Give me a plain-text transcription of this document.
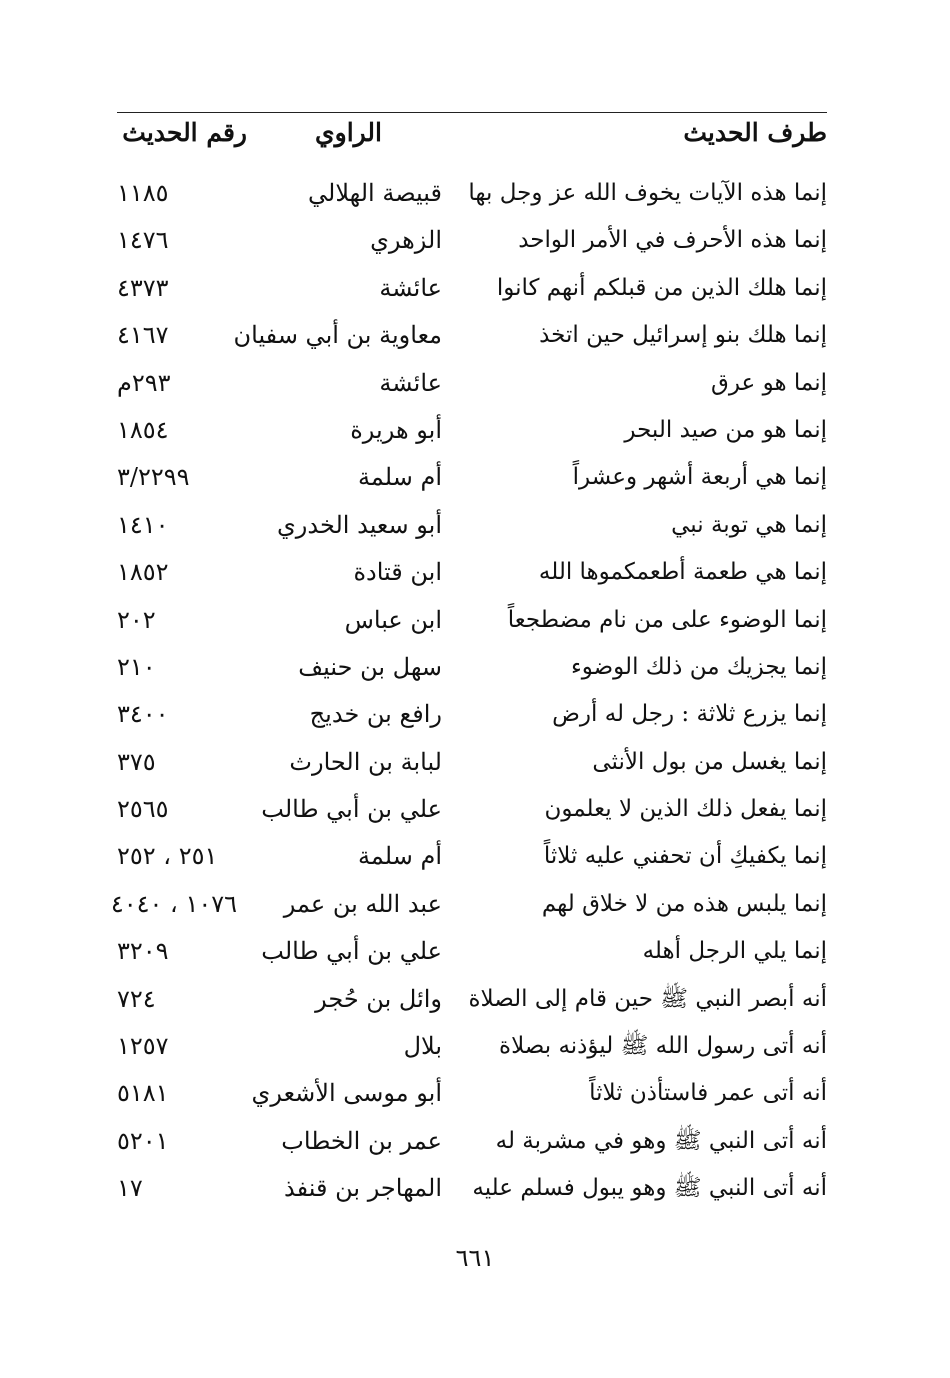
طرف الحديث
الراوي
رقم الحديث
إنما هذه الآيات يخوف الله عز وجل بها
قبيصة الهلالي
١١٨٥
إنما هذه الأحرف في الأمر الواحد
الزهري
١٤٧٦
إنما هلك الذين من قبلكم أنهم كانوا
عائشة
٤٣٧٣
إنما هلك بنو إسرائيل حين اتخذ
معاوية بن أبي سفيان
٤١٦٧
إنما هو عرق
عائشة
٢٩٣م
إنما هو من صيد البحر
أبو هريرة
١٨٥٤
إنما هي أربعة أشهر وعشراً
أم سلمة
٣/٢٢٩٩
إنما هي توبة نبي
أبو سعيد الخدري
١٤١٠
إنما هي طعمة أطعمكموها الله
ابن قتادة
١٨٥٢
إنما الوضوء على من نام مضطجعاً
ابن عباس
٢٠٢
إنما يجزيك من ذلك الوضوء
سهل بن حنيف
٢١٠
إنما يزرع ثلاثة : رجل له أرض
رافع بن خديج
٣٤٠٠
إنما يغسل من بول الأنثى
لبابة بن الحارث
٣٧٥
إنما يفعل ذلك الذين لا يعلمون
علي بن أبي طالب
٢٥٦٥
إنما يكفيكِ أن تحفني عليه ثلاثاً
أم سلمة
٢٥١ ، ٢٥٢
إنما يلبس هذه من لا خلاق لهم
عبد الله بن عمر
١٠٧٦ ، ٤٠٤٠
إنما يلي الرجل أهله
علي بن أبي طالب
٣٢٠٩
أنه أبصر النبي ﷺ حين قام إلى الصلاة
وائل بن حُجر
٧٢٤
أنه أتى رسول الله ﷺ ليؤذنه بصلاة
بلال
١٢٥٧
أنه أتى عمر فاستأذن ثلاثاً
أبو موسى الأشعري
٥١٨١
أنه أتى النبي ﷺ وهو في مشربة له
عمر بن الخطاب
٥٢٠١
أنه أتى النبي ﷺ وهو يبول فسلم عليه
المهاجر بن قنفذ
١٧
٦٦١
